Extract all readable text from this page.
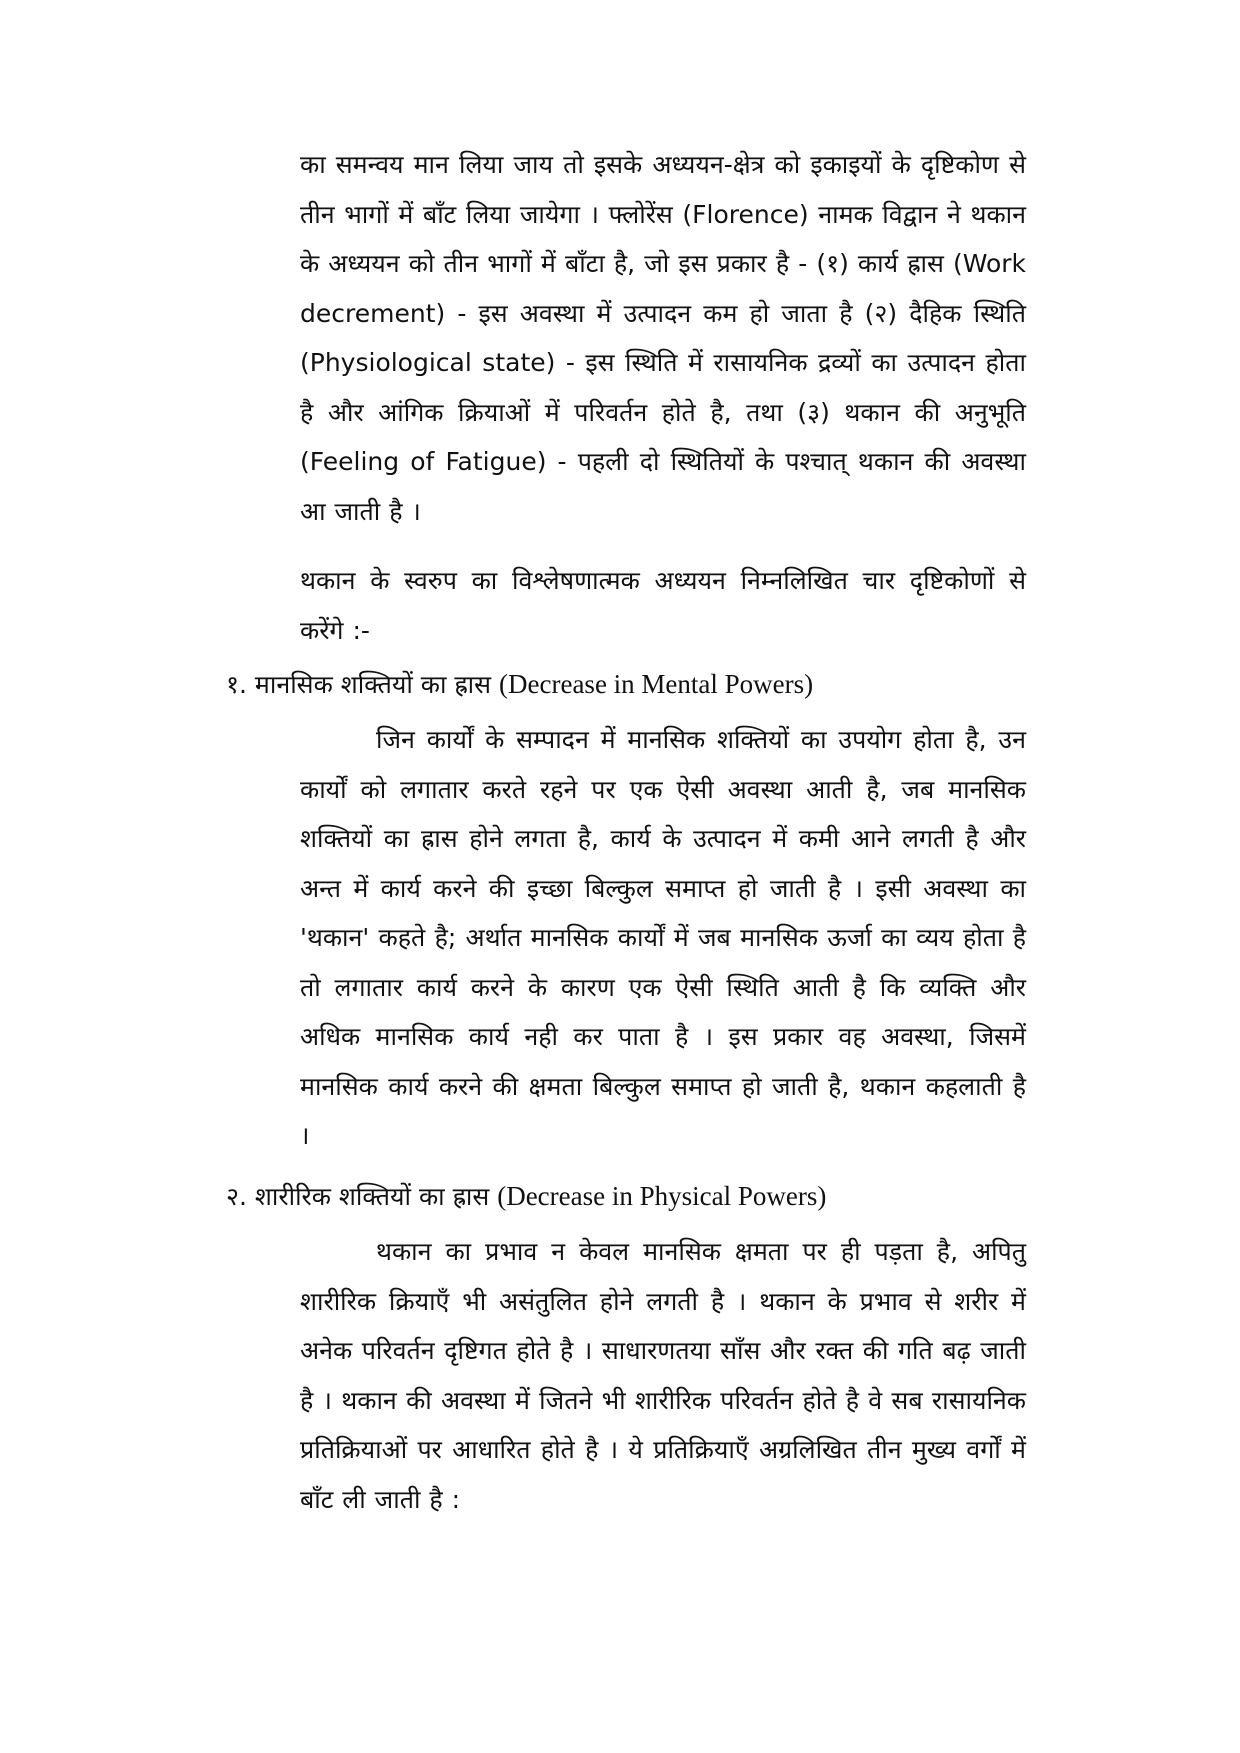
का समन्वय मान लिया जाय तो इसके अध्ययन-क्षेत्र को इकाइयों के दृष्टिकोण से तीन भागों में बाँट लिया जायेगा । फ्लोरेंस (Florence) नामक विद्वान ने थकान के अध्ययन को तीन भागों में बाँटा है, जो इस प्रकार है - (१) कार्य ह्रास (Work decrement) - इस अवस्था में उत्पादन कम हो जाता है (२) दैहिक स्थिति (Physiological state) - इस स्थिति में रासायनिक द्रव्यों का उत्पादन होता है और आंगिक क्रियाओं में परिवर्तन होते है, तथा (३) थकान की अनुभूति (Feeling of Fatigue) - पहली दो स्थितियों के पश्चात् थकान की अवस्था आ जाती है ।

थकान के स्वरुप का विश्लेषणात्मक अध्ययन निम्नलिखित चार दृष्टिकोणों से करेंगे :-

१. मानसिक शक्तियों का ह्रास (Decrease in Mental Powers)

जिन कार्यों के सम्पादन में मानसिक शक्तियों का उपयोग होता है, उन कार्यों को लगातार करते रहने पर एक ऐसी अवस्था आती है, जब मानसिक शक्तियों का ह्रास होने लगता है, कार्य के उत्पादन में कमी आने लगती है और अन्त में कार्य करने की इच्छा बिल्कुल समाप्त हो जाती है । इसी अवस्था का 'थकान' कहते है; अर्थात मानसिक कार्यों में जब मानसिक ऊर्जा का व्यय होता है तो लगातार कार्य करने के कारण एक ऐसी स्थिति आती है कि व्यक्ति और अधिक मानसिक कार्य नही कर पाता है । इस प्रकार वह अवस्था, जिसमें मानसिक कार्य करने की क्षमता बिल्कुल समाप्त हो जाती है, थकान कहलाती है ।

२. शारीरिक शक्तियों का ह्रास (Decrease in Physical Powers)

थकान का प्रभाव न केवल मानसिक क्षमता पर ही पड़ता है, अपितु शारीरिक क्रियाएँ भी असंतुलित होने लगती है । थकान के प्रभाव से शरीर में अनेक परिवर्तन दृष्टिगत होते है । साधारणतया साँस और रक्त की गति बढ़ जाती है । थकान की अवस्था में जितने भी शारीरिक परिवर्तन होते है वे सब रासायनिक प्रतिक्रियाओं पर आधारित होते है । ये प्रतिक्रियाएँ अग्रलिखित तीन मुख्य वर्गों में बाँट ली जाती है :
